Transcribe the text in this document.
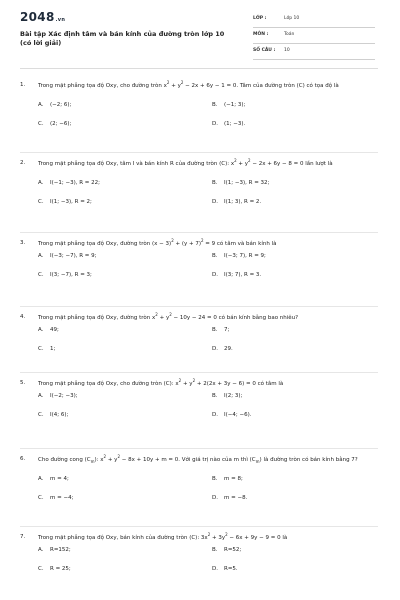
2048.vn
Bài tập Xác định tâm và bán kính của đường tròn lớp 10
(có lời giải)
LỚP :	Lớp 10
MÔN :	Toán
SỐ CÂU : 10
1. Trong mặt phẳng tọa độ Oxy, cho đường tròn $x^2 + y^2 - 2x + 6y - 1 = 0$. Tâm của đường tròn (C) có tọa độ là
A. (−2; 6);	B. (−1; 3);
C. (2; −6);	D. (1; −3).
2. Trong mặt phẳng tọa độ Oxy, tâm I và bán kính R của đường tròn (C): $x^2 + y^2 - 2x + 6y - 8 = 0$ lần lượt là
A. I(−1; −3), R = 22;	B. I(1; −3), R = 32;
C. I(1; −3), R = 2;	D. I(1; 3), R = 2.
3. Trong mặt phẳng tọa độ Oxy, đường tròn $(x - 3)^2 + (y + 7)^2 = 9$ có tâm và bán kính là
A. I(−3; −7), R = 9;	B. I(−3; 7), R = 9;
C. I(3; −7), R = 3;	D. I(3; 7), R = 3.
4. Trong mặt phẳng tọa độ Oxy, đường tròn $x^2 + y^2 - 10y - 24 = 0$ có bán kính bằng bao nhiêu?
A. 49;	B. 7;
C. 1;	D. 29.
5. Trong mặt phẳng tọa độ Oxy, cho đường tròn (C): $x^2 + y^2 + 2(2x + 3y - 6) = 0$ có tâm là
A. I(−2; −3);	B. I(2; 3);
C. I(4; 6);	D. I(−4; −6).
6. Cho đường cong $(C_m)$: $x^2 + y^2 - 8x + 10y + m = 0$. Với giá trị nào của m thì $(C_m)$ là đường tròn có bán kính bằng 7?
A. m = 4;	B. m = 8;
C. m = −4;	D. m = −8.
7. Trong mặt phẳng tọa độ Oxy, bán kính của đường tròn (C): $3x^2 + 3y^2 - 6x + 9y - 9 = 0$ là
A. R=152;	B. R=52;
C. R = 25;	D. R=5.
